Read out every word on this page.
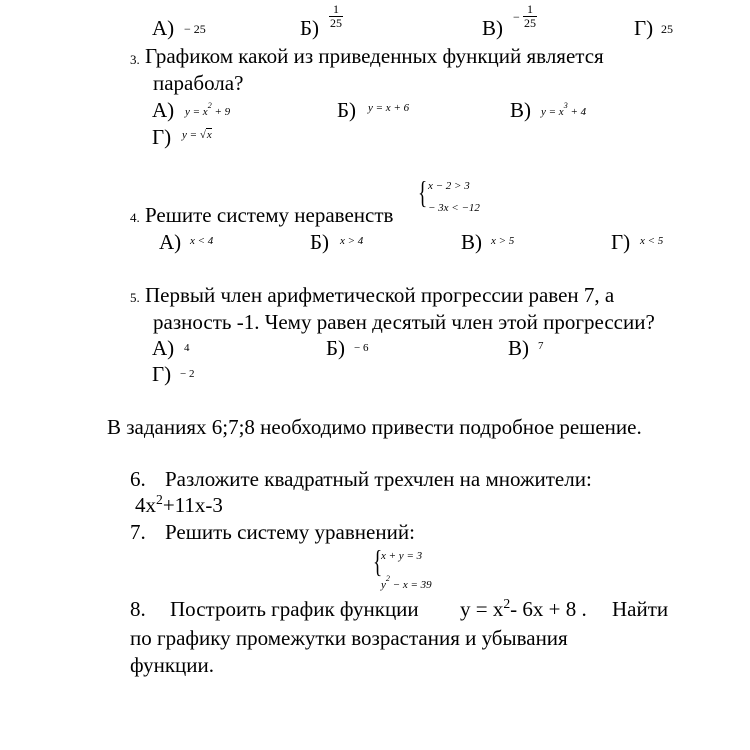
А) − 25	$Б) \frac{1}{25}$	$В) - \frac{1}{25}$	Г) 25
3. Графиком какой из приведенных функций является
парабола?
А) $y = x^2 + 9$	Б) y = x + 6	В) $y = x^3 + 4$
Г) y = √x
4. Решите систему неравенств
{ x − 2 > 3
− 3x < −12
А) x < 4	Б) x > 4	В) x > 5	Г) x < 5
5. Первый член арифметической прогрессии равен 7, а
разность -1. Чему равен десятый член этой прогрессии?
А) 4	Б) − 6	В) 7
Г) − 2
В заданиях 6;7;8 необходимо привести подробное решение.
6. Разложите квадратный трехчлен на множители:
$4x^2+11x-3$
7. Решить систему уравнений:
{
x + y = 3
$y^2 - x = 39$
8. Построить график функции $y = x^2-$ 6x + 8 . Найти
по графику промежутки возрастания и убывания
функции.
